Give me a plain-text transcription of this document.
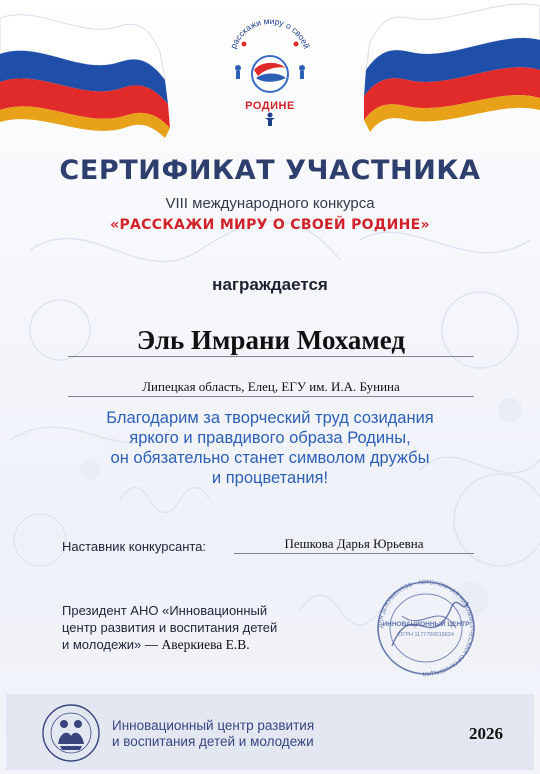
расскажи миру о своей
РОДИНЕ
СЕРТИФИКАТ УЧАСТНИКА
VIII международного конкурса
«РАССКАЖИ МИРУ О СВОЕЙ РОДИНЕ»
награждается
Эль Имрани Мохамед
Липецкая область, Елец, ЕГУ им. И.А. Бунина
Благодарим за творческий труд созидания
яркого и правдивого образа Родины,
он обязательно станет символом дружбы
и процветания!
Наставник конкурсанта:	Пешкова Дарья Юрьевна
Президент АНО «Инновационный
центр развития и воспитания детей
и молодежи» — Аверкиева Е.В.
ДЛЯ ДОКУМЕНТОВ • АВТОНОМНАЯ НЕКОММЕРЧЕСКАЯ ОРГАНИЗАЦИЯ
ИННОВАЦИОННЫЙ ЦЕНТР
ОГРН 1177700019624
Инновационный центр развития
и воспитания детей и молодежи	2026
